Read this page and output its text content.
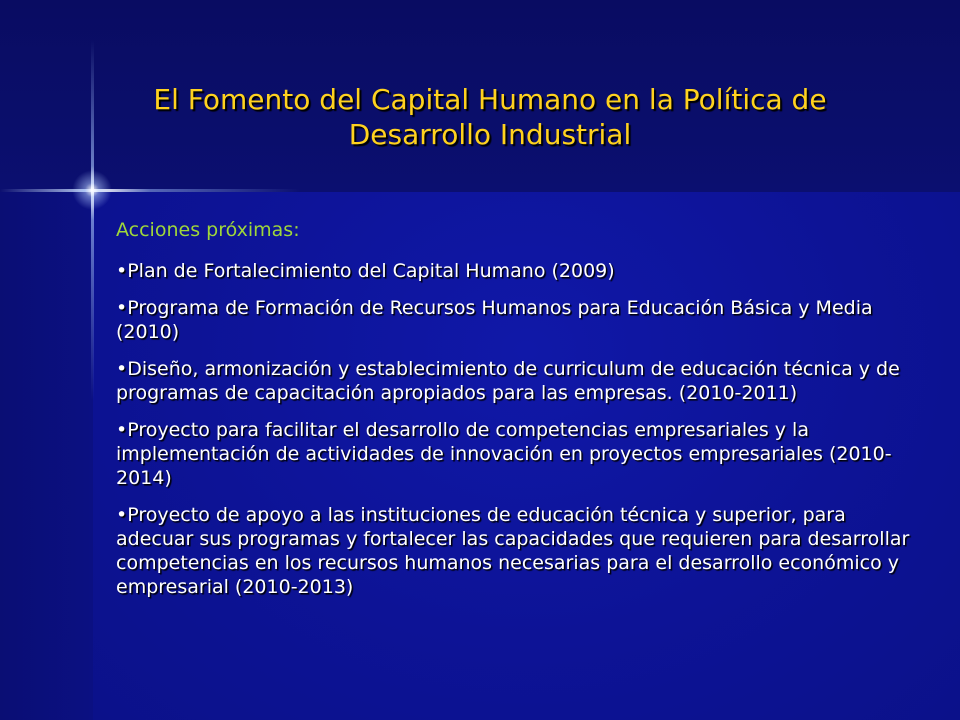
El Fomento del Capital Humano en la Política de Desarrollo Industrial

Acciones próximas:

•Plan de Fortalecimiento del Capital Humano (2009)
•Programa de Formación de Recursos Humanos para Educación Básica y Media (2010)
•Diseño, armonización y establecimiento de curriculum de educación técnica y de programas de capacitación apropiados para las empresas. (2010-2011)
•Proyecto para facilitar el desarrollo de competencias empresariales y la implementación de actividades de innovación en proyectos empresariales (2010-2014)
•Proyecto de apoyo a las instituciones de educación técnica y superior, para adecuar sus programas y fortalecer las capacidades que requieren para desarrollar competencias en los recursos humanos necesarias para el desarrollo económico y empresarial (2010-2013)
